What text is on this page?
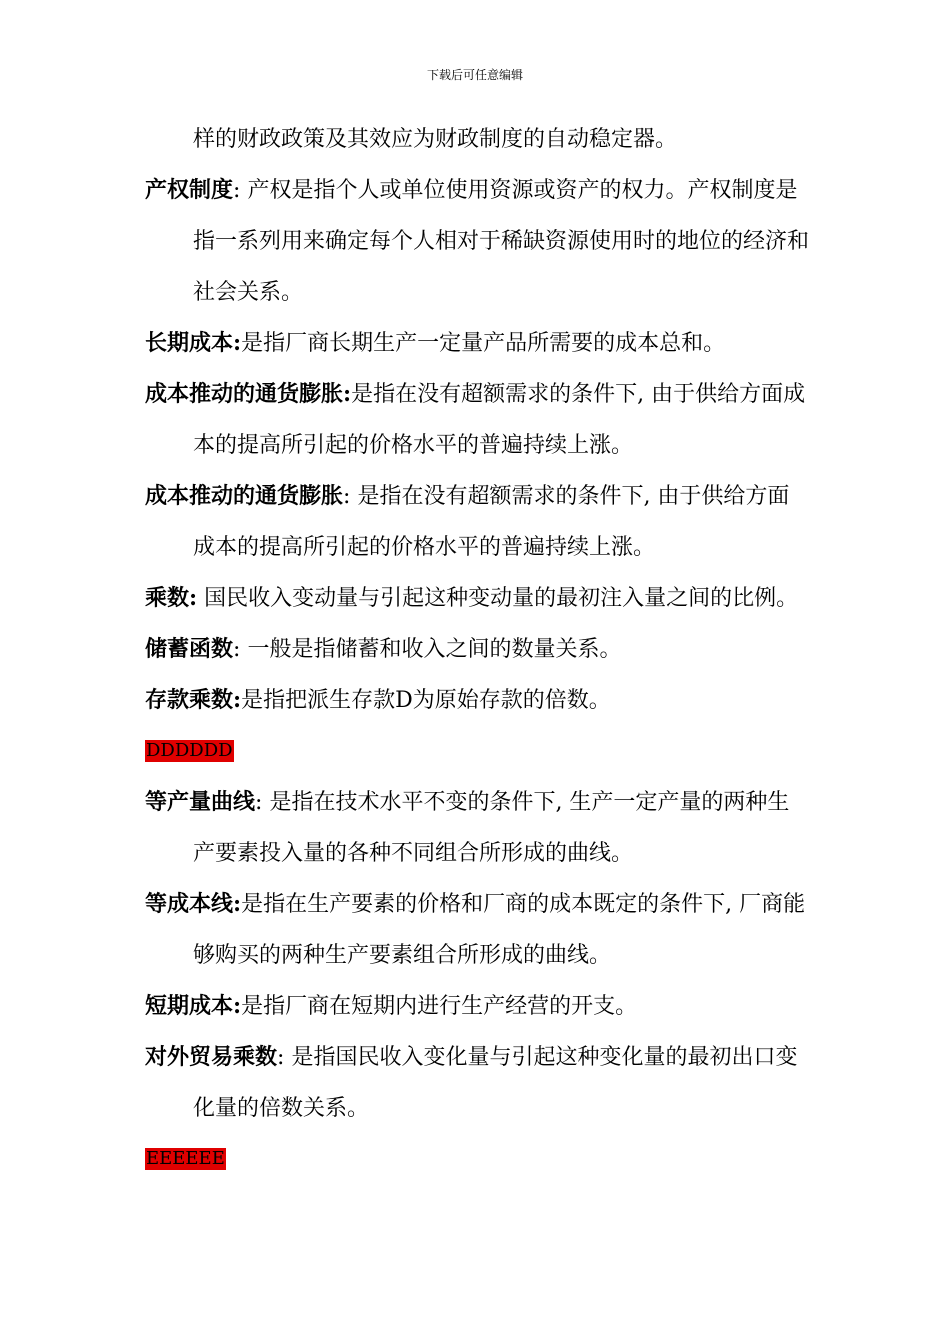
下载后可任意编辑

样的财政政策及其效应为财政制度的自动稳定器。

产权制度: 产权是指个人或单位使用资源或资产的权力。产权制度是指一系列用来确定每个人相对于稀缺资源使用时的地位的经济和社会关系。

长期成本:是指厂商长期生产一定量产品所需要的成本总和。

成本推动的通货膨胀:是指在没有超额需求的条件下, 由于供给方面成本的提高所引起的价格水平的普遍持续上涨。

成本推动的通货膨胀: 是指在没有超额需求的条件下, 由于供给方面成本的提高所引起的价格水平的普遍持续上涨。

乘数: 国民收入变动量与引起这种变动量的最初注入量之间的比例。

储蓄函数: 一般是指储蓄和收入之间的数量关系。

存款乘数:是指把派生存款D为原始存款的倍数。

DDDDDD

等产量曲线: 是指在技术水平不变的条件下, 生产一定产量的两种生产要素投入量的各种不同组合所形成的曲线。

等成本线:是指在生产要素的价格和厂商的成本既定的条件下, 厂商能够购买的两种生产要素组合所形成的曲线。

短期成本:是指厂商在短期内进行生产经营的开支。

对外贸易乘数: 是指国民收入变化量与引起这种变化量的最初出口变化量的倍数关系。

EEEEEE
